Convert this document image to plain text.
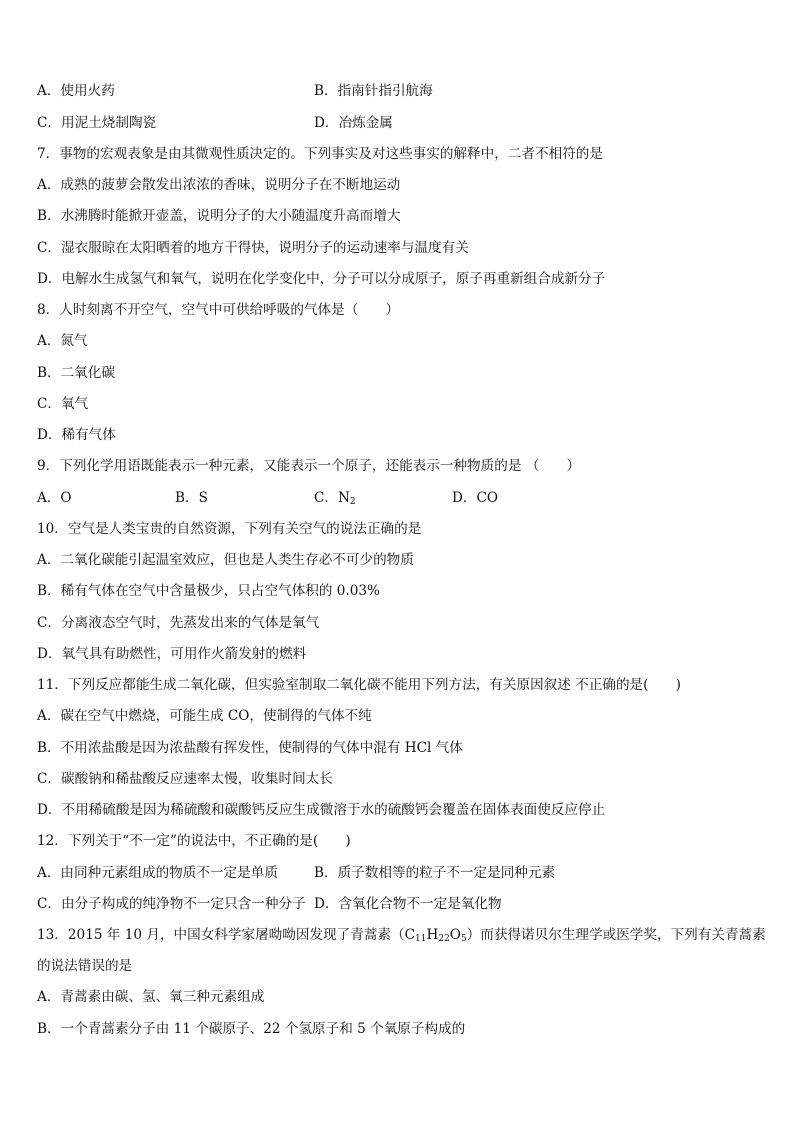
A．使用火药	B．指南针指引航海
C．用泥土烧制陶瓷	D．冶炼金属
7．事物的宏观表象是由其微观性质决定的。下列事实及对这些事实的解释中，二者不相符的是
A．成熟的菠萝会散发出浓浓的香味，说明分子在不断地运动
B．水沸腾时能掀开壶盖，说明分子的大小随温度升高而增大
C．湿衣服晾在太阳晒着的地方干得快，说明分子的运动速率与温度有关
D．电解水生成氢气和氧气，说明在化学变化中，分子可以分成原子，原子再重新组合成新分子
8．人时刻离不开空气，空气中可供给呼吸的气体是（　　）
A．氮气
B．二氧化碳
C．氧气
D．稀有气体
9．下列化学用语既能表示一种元素，又能表示一个原子，还能表示一种物质的是 （　　）
A．O	B．S	C．$N_2$	D．CO
10．空气是人类宝贵的自然资源，下列有关空气的说法正确的是
A．二氧化碳能引起温室效应，但也是人类生存必不可少的物质
B．稀有气体在空气中含量极少，只占空气体积的 0.03%
C．分离液态空气时，先蒸发出来的气体是氧气
D．氧气具有助燃性，可用作火箭发射的燃料
11．下列反应都能生成二氧化碳，但实验室制取二氧化碳不能用下列方法，有关原因叙述 不正确的是(　　)
A．碳在空气中燃烧，可能生成 CO，使制得的气体不纯
B．不用浓盐酸是因为浓盐酸有挥发性，使制得的气体中混有 HCl 气体
C．碳酸钠和稀盐酸反应速率太慢，收集时间太长
D．不用稀硫酸是因为稀硫酸和碳酸钙反应生成微溶于水的硫酸钙会覆盖在固体表面使反应停止
12．下列关于“不一定”的说法中，不正确的是(　　)
A．由同种元素组成的物质不一定是单质	B．质子数相等的粒子不一定是同种元素
C．由分子构成的纯净物不一定只含一种分子 D．含氧化合物不一定是氧化物
13．2015 年 10 月，中国女科学家屠呦呦因发现了青蒿素$(C_{11}H_{22}O_5)$而获得诺贝尔生理学或医学奖，下列有关青蒿素
的说法错误的是
A．青蒿素由碳、氢、氧三种元素组成
B．一个青蒿素分子由 11 个碳原子、22 个氢原子和 5 个氧原子构成的
